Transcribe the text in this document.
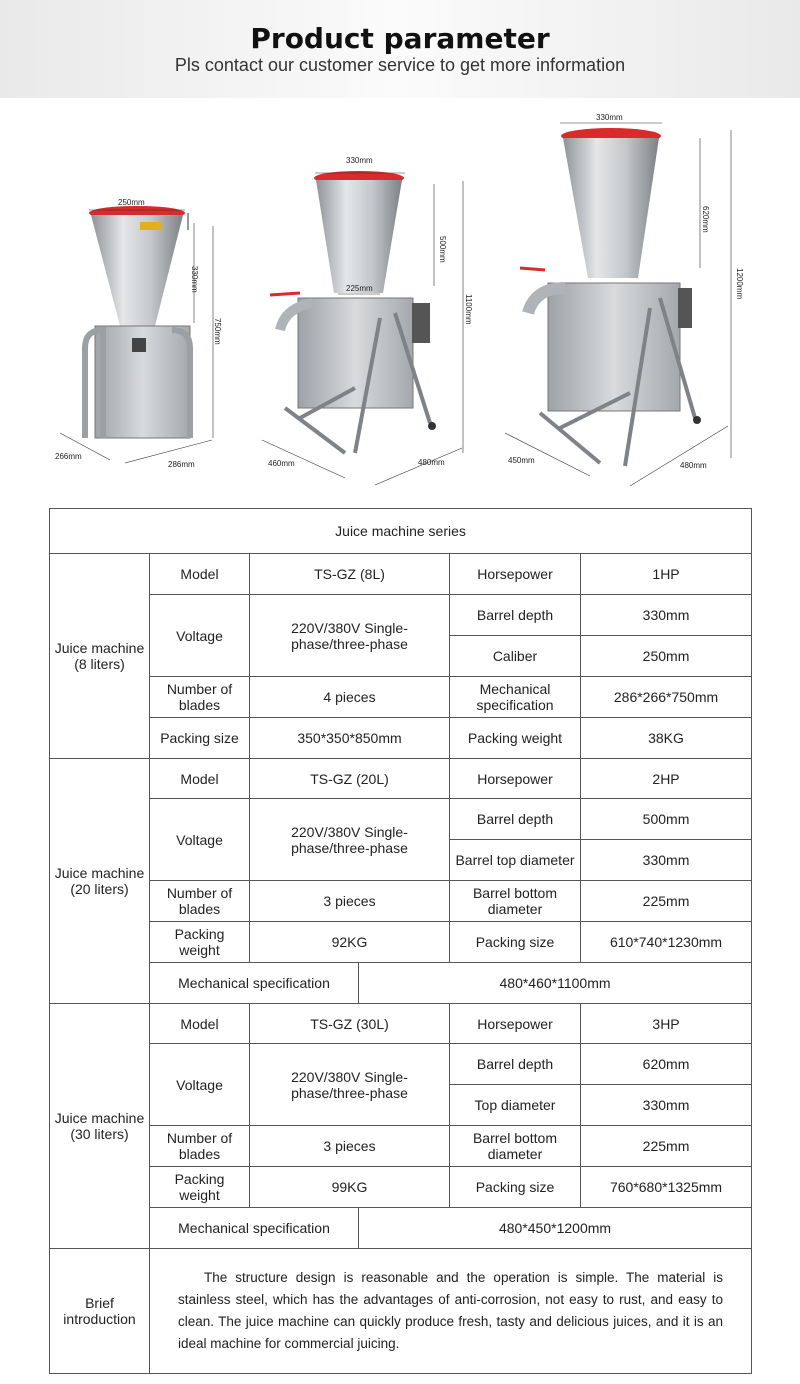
Product parameter
Pls contact our customer service to get more information
250mm
330mm
750mm
266mm
286mm
330mm
225mm
500mm
1100mm
460mm	480mm
330mm
620mm
1200mm
450mm
480mm
Juice machine series					
Juice machine (8 liters)	Model	TS-GZ (8L)		Horsepower	1HP
	Voltage	220V/380V Single-phase/three-phase		Barrel depth	330mm
				Caliber	250mm
	Number of blades	4 pieces		Mechanical specification	286*266*750mm
	Packing size	350*350*850mm		Packing weight	38KG
Juice machine (20 liters)	Model	TS-GZ (20L)		Horsepower	2HP
	Voltage	220V/380V Single-phase/three-phase		Barrel depth	500mm
				Barrel top diameter	330mm
	Number of blades	3 pieces		Barrel bottom diameter	225mm
	Packing weight	92KG		Packing size	610*740*1230mm
	Mechanical specification		480*460*1100mm		
Juice machine (30 liters)	Model	TS-GZ (30L)		Horsepower	3HP
	Voltage	220V/380V Single-phase/three-phase		Barrel depth	620mm
				Top diameter	330mm
	Number of blades	3 pieces		Barrel bottom diameter	225mm
	Packing weight	99KG		Packing size	760*680*1325mm
	Mechanical specification		480*450*1200mm		
Brief introduction	The structure design is reasonable and the operation is simple. The material is stainless steel, which has the advantages of anti-corrosion, not easy to rust, and easy to clean. The juice machine can quickly produce fresh, tasty and delicious juices, and it is an ideal machine for commercial juicing.				
